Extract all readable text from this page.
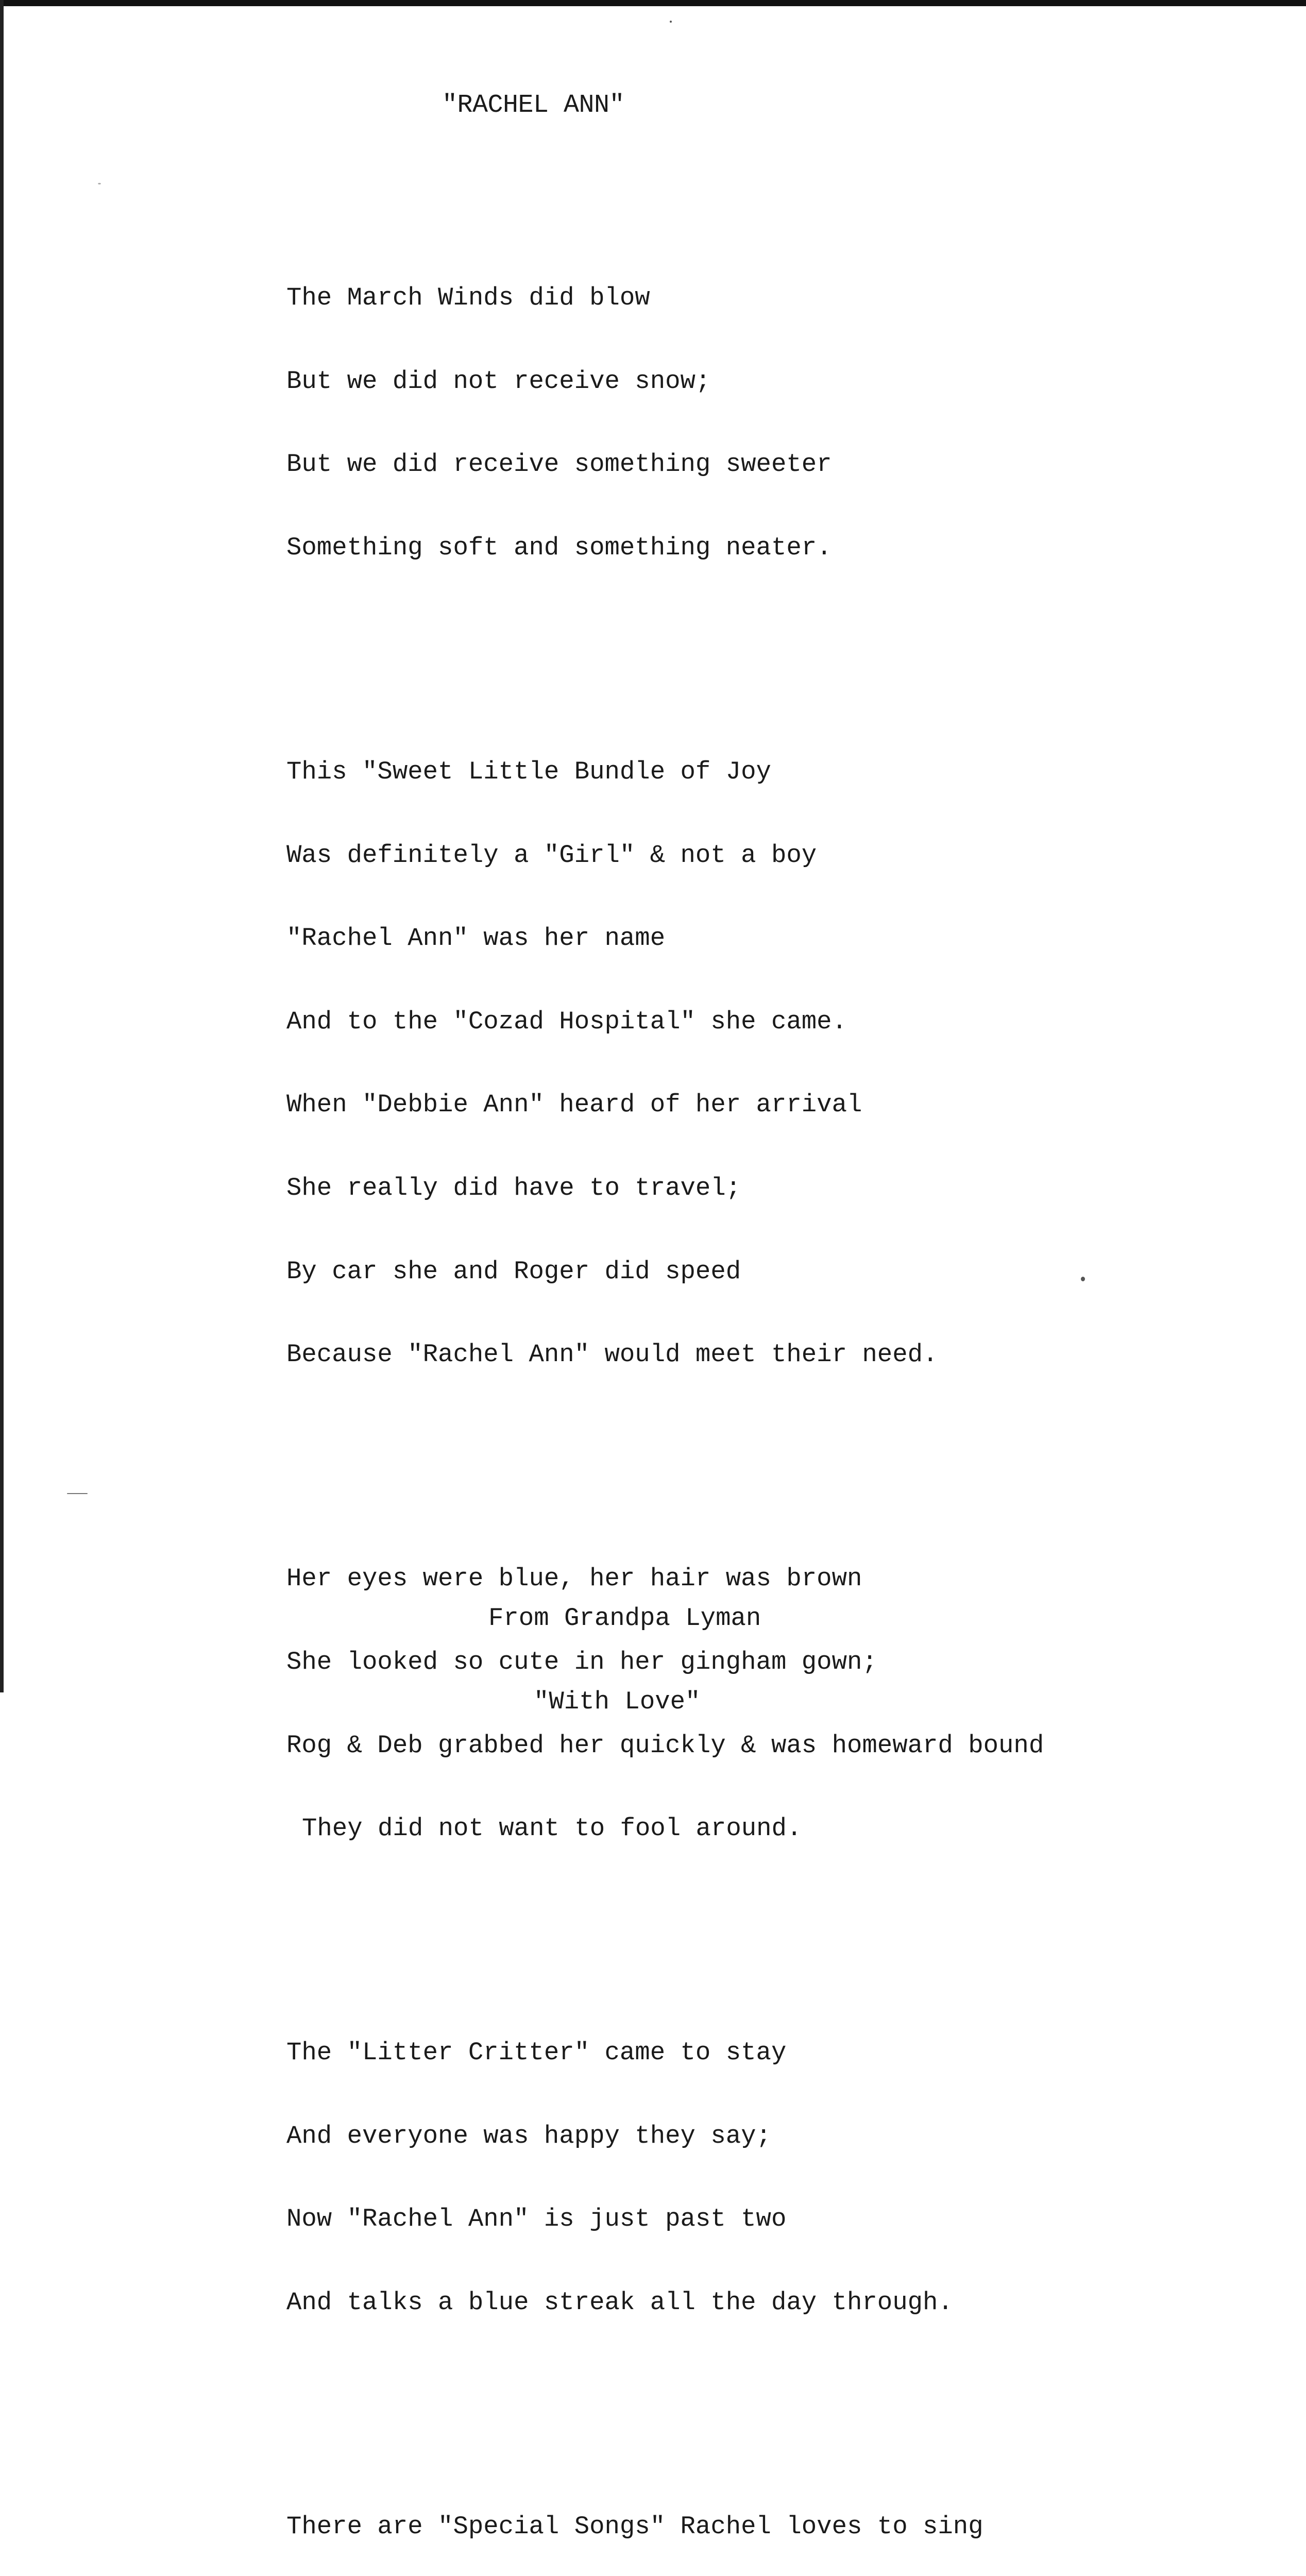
"RACHEL ANN"

The March Winds did blow

But we did not receive snow;

But we did receive something sweeter

Something soft and something neater.

This "Sweet Little Bundle of Joy

Was definitely a "Girl" & not a boy

"Rachel Ann" was her name

And to the "Cozad Hospital" she came.

When "Debbie Ann" heard of her arrival

She really did have to travel;

By car she and Roger did speed

Because "Rachel Ann" would meet their need.

Her eyes were blue, her hair was brown

She looked so cute in her gingham gown;

Rog & Deb grabbed her quickly & was homeward bound

They did not want to fool around.

The "Litter Critter" came to stay

And everyone was happy they say;

Now "Rachel Ann" is just past two

And talks a blue streak all the day through.

There are "Special Songs" Rachel loves to sing

From Grandpa Lyman

"With Love"
